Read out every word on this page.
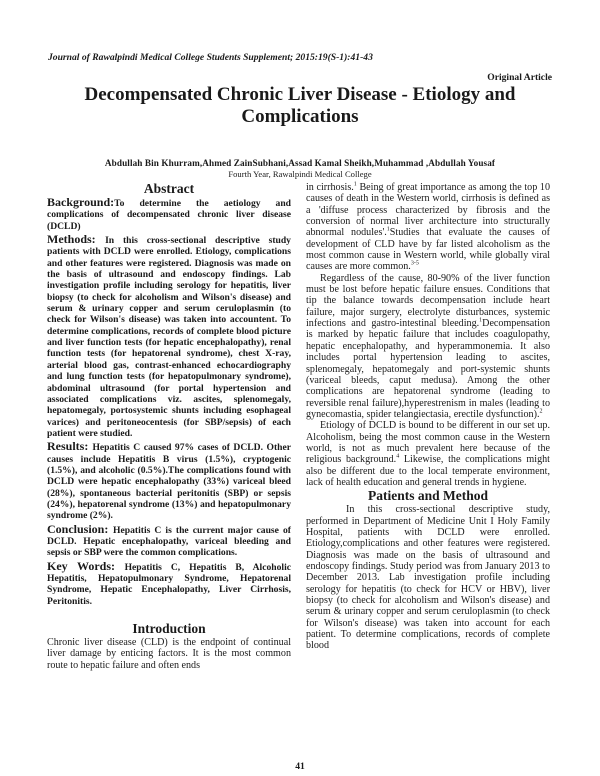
Journal of Rawalpindi Medical College Students Supplement; 2015:19(S-1):41-43
Original Article
Decompensated Chronic Liver Disease - Etiology and Complications
Abdullah Bin Khurram,Ahmed ZainSubhani,Assad Kamal Sheikh,Muhammad ,Abdullah Yousaf
Fourth Year, Rawalpindi Medical College

Abstract

Background:To determine the aetiology and complications of decompensated chronic liver disease (DCLD)

Methods: In this cross-sectional descriptive study patients with DCLD were enrolled. Etiology, complications and other features were registered. Diagnosis was made on the basis of ultrasound and endoscopy findings. Lab investigation profile including serology for hepatitis, liver biopsy (to check for alcoholism and Wilson's disease) and serum & urinary copper and serum ceruloplasmin (to check for Wilson's disease) was taken into accountent. To determine complications, records of complete blood picture and liver function tests (for hepatic encephalopathy), renal function tests (for hepatorenal syndrome), chest X-ray, arterial blood gas, contrast-enhanced echocardiography and lung function tests (for hepatopulmonary syndrome), abdominal ultrasound (for portal hypertension and associated complications viz. ascites, splenomegaly, hepatomegaly, portosystemic shunts including esophageal varices) and peritoneocentesis (for SBP/sepsis) of each patient were studied.

Results: Hepatitis C caused 97% cases of DCLD. Other causes include Hepatitis B virus (1.5%), cryptogenic (1.5%), and alcoholic (0.5%).The complications found with DCLD were hepatic encephalopathy (33%) variceal bleed (28%), spontaneous bacterial peritonitis (SBP) or sepsis (24%), hepatorenal syndrome (13%) and hepatopulmonary syndrome (2%).

Conclusion: Hepatitis C is the current major cause of DCLD. Hepatic encephalopathy, variceal bleeding and sepsis or SBP were the common complications.

Key Words: Hepatitis C, Hepatitis B, Alcoholic Hepatitis, Hepatopulmonary Syndrome, Hepatorenal Syndrome, Hepatic Encephalopathy, Liver Cirrhosis, Peritonitis.

Introduction

Chronic liver disease (CLD) is the endpoint of continual liver damage by enticing factors. It is the most common route to hepatic failure and often ends

in cirrhosis.$^1$ Being of great importance as among the top 10 causes of death in the Western world, cirrhosis is defined as a 'diffuse process characterized by fibrosis and the conversion of normal liver architecture into structurally abnormal nodules'.$^1$Studies that evaluate the causes of development of CLD have by far listed alcoholism as the most common cause in Western world, while globally viral causes are more common.$^{3-5}$

Regardless of the cause, 80-90% of the liver function must be lost before hepatic failure ensues. Conditions that tip the balance towards decompensation include heart failure, major surgery, electrolyte disturbances, systemic infections and gastro-intestinal bleeding.$^1$Decompensation is marked by hepatic failure that includes coagulopathy, hepatic encephalopathy, and hyperammonemia. It also includes portal hypertension leading to ascites, splenomegaly, hepatomegaly and port-systemic shunts (variceal bleeds, caput medusa). Among the other complications are hepatorenal syndrome (leading to reversible renal failure),hyperestrenism in males (leading to gynecomastia, spider telangiectasia, erectile dysfunction).$^2$

Etiology of DCLD is bound to be different in our set up. Alcoholism, being the most common cause in the Western world, is not as much prevalent here because of the religious background.$^4$ Likewise, the complications might also be different due to the local temperate environment, lack of health education and general trends in hygiene.

Patients and Method

In this cross-sectional descriptive study, performed in Department of Medicine Unit I Holy Family Hospital, patients with DCLD were enrolled. Etiology,complications and other features were registered. Diagnosis was made on the basis of ultrasound and endoscopy findings. Study period was from January 2013 to December 2013. Lab investigation profile including serology for hepatitis (to check for HCV or HBV), liver biopsy (to check for alcoholism and Wilson's disease) and serum & urinary copper and serum ceruloplasmin (to check for Wilson's disease) was taken into account for each patient. To determine complications, records of complete blood

41
